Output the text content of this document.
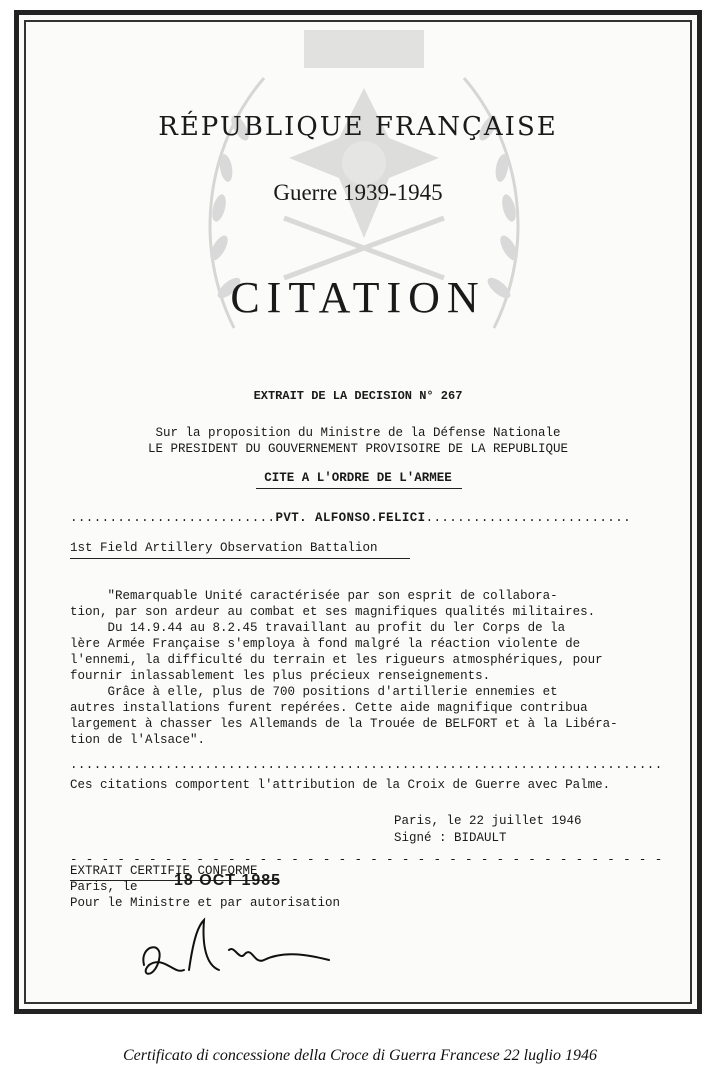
RÉPUBLIQUE FRANÇAISE
Guerre 1939-1945
CITATION
EXTRAIT DE LA DECISION N° 267
Sur la proposition du Ministre de la Défense Nationale
LE PRESIDENT DU GOUVERNEMENT PROVISOIRE DE LA REPUBLIQUE
CITE A L'ORDRE DE L'ARMEE
..........................PVT. ALFONSO.FELICI..........................
1st Field Artillery Observation Battalion
"Remarquable Unité caractérisée par son esprit de collabora-
tion, par son ardeur au combat et ses magnifiques qualités militaires.
Du 14.9.44 au 8.2.45 travaillant au profit du ler Corps de la
lère Armée Française s'employa à fond malgré la réaction violente de
l'ennemi, la difficulté du terrain et les rigueurs atmosphériques, pour
fournir inlassablement les plus précieux renseignements.
Grâce à elle, plus de 700 positions d'artillerie ennemies et
autres installations furent repérées. Cette aide magnifique contribua
largement à chasser les Allemands de la Trouée de BELFORT et à la Libéra-
tion de l'Alsace".
...........................................................................
Ces citations comportent l'attribution de la Croix de Guerre avec Palme.
Paris, le 22 juillet 1946
Signé : BIDAULT
- - - - - - - - - - - - - - - - - - - - - - - - - - - - - - - - - - - - - -
EXTRAIT CERTIFIE CONFORME
Paris, le 18 OCT 1985
Pour le Ministre et par autorisation
Certificato di concessione della Croce di Guerra Francese 22 luglio 1946
